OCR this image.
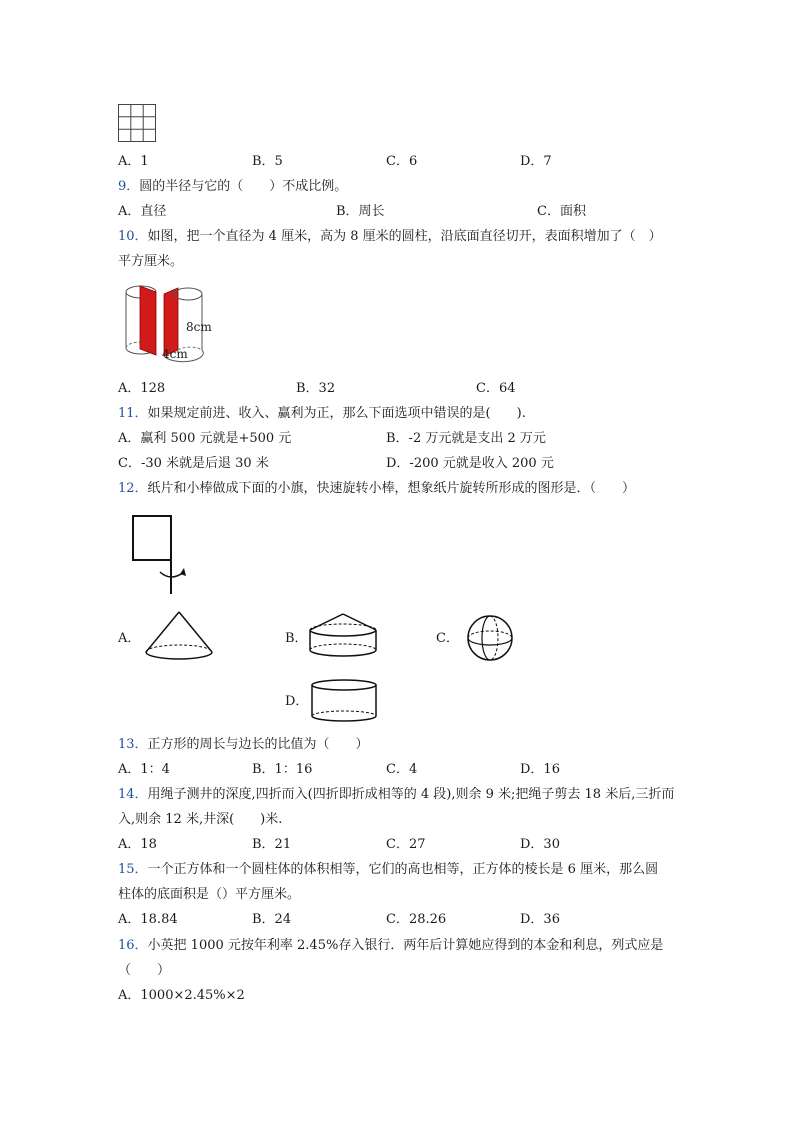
A．1	B．5	C．6	D．7
9．圆的半径与它的（　　）不成比例。
A．直径	B．周长	C．面积
10．如图，把一个直径为 4 厘米，高为 8 厘米的圆柱，沿底面直径切开，表面积增加了（　）
平方厘米。
8cm
4cm
A．128	B．32	C．64
11．如果规定前进、收入、赢利为正，那么下面选项中错误的是(　　).
A．赢利 500 元就是+500 元	B．-2 万元就是支出 2 万元
C．-30 米就是后退 30 米	D．-200 元就是收入 200 元
12．纸片和小棒做成下面的小旗，快速旋转小棒，想象纸片旋转所形成的图形是．（　　）
A．	B．	C．
D．
13．正方形的周长与边长的比值为（　　）
A．1：4	B．1：16	C．4	D．16
14．用绳子测井的深度,四折而入(四折即折成相等的 4 段),则余 9 米;把绳子剪去 18 米后,三折而
入,则余 12 米,井深(　　)米.
A．18	B．21	C．27	D．30
15．一个正方体和一个圆柱体的体积相等，它们的高也相等，正方体的棱长是 6 厘米，那么圆
柱体的底面积是（）平方厘米。
A．18.84	B．24	C．28.26	D．36
16．小英把 1000 元按年利率 2.45%存入银行．两年后计算她应得到的本金和利息，列式应是
（　　）
A．1000×2.45%×2
